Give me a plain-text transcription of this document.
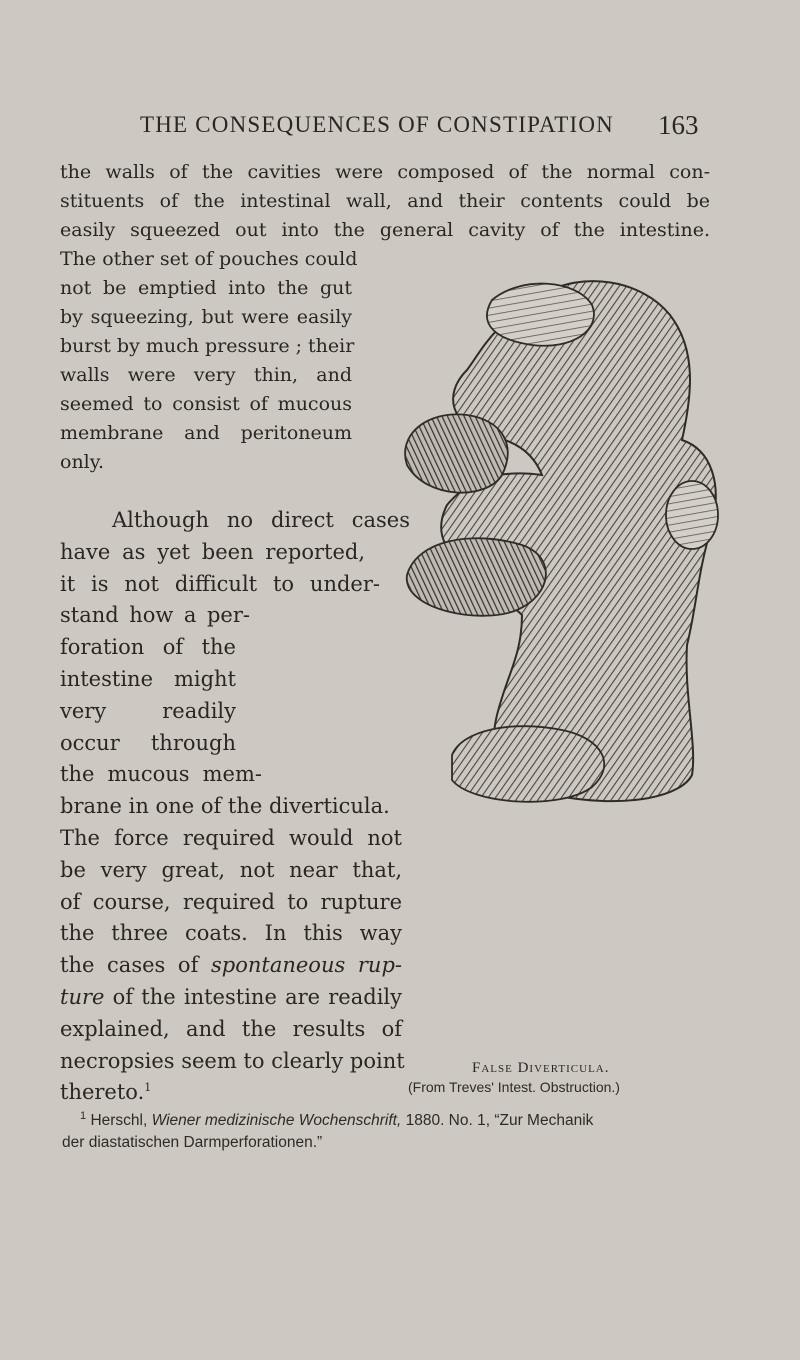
THE CONSEQUENCES OF CONSTIPATION 163

the walls of the cavities were composed of the normal con-
stituents of the intestinal wall, and their contents could be
easily squeezed out into the general cavity of the intestine.
The other set of pouches could
not be emptied into the gut
by squeezing, but were easily
burst by much pressure ; their
walls were very thin, and
seemed to consist of mucous
membrane and peritoneum
only.

Although no direct cases
have as yet been reported,
it is not difficult to under-
stand how a per-
foration of the
intestine might
very readily
occur through
the mucous mem-
brane in one of the diverticula.
The force required would not
be very great, not near that,
of course, required to rupture
the three coats. In this way
the cases of spontaneous rup-
ture of the intestine are readily
explained, and the results of
necropsies seem to clearly point
thereto.$^1$

False Diverticula.
(From Treves' Intest. Obstruction.)
$^1$ Herschl, Wiener medizinische Wochenschrift, 1880. No. 1, “Zur Mechanik
der diastatischen Darmperforationen.”
